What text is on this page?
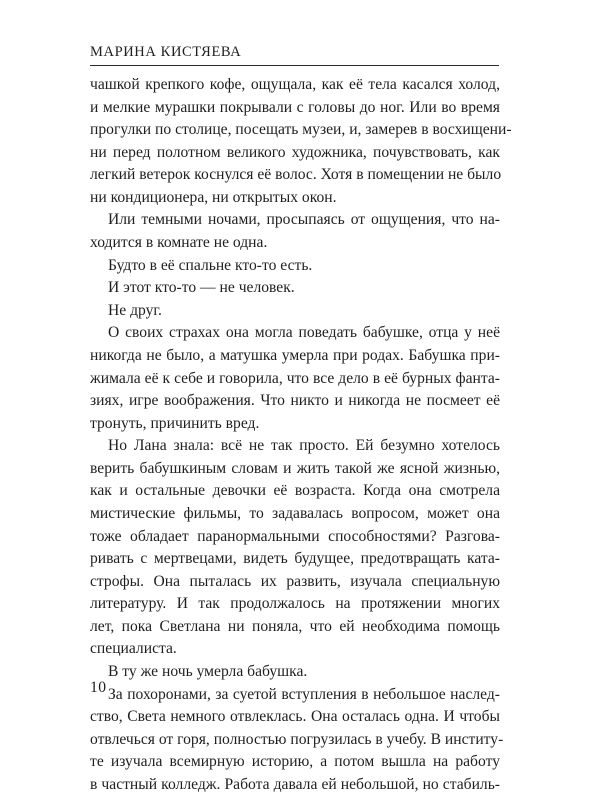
МАРИНА КИСТЯЕВА
чашкой крепкого кофе, ощущала, как её тела касался холод,
и мелкие мурашки покрывали с головы до ног. Или во время
прогулки по столице, посещать музеи, и, замерев в восхищени-
ни перед полотном великого художника, почувствовать, как
легкий ветерок коснулся её волос. Хотя в помещении не было
ни кондиционера, ни открытых окон.
Или темными ночами, просыпаясь от ощущения, что на-
ходится в комнате не одна.
Будто в её спальне кто-то есть.
И этот кто-то — не человек.
Не друг.
О своих страхах она могла поведать бабушке, отца у неё
никогда не было, а матушка умерла при родах. Бабушка при-
жимала её к себе и говорила, что все дело в её бурных фанта-
зиях, игре воображения. Что никто и никогда не посмеет её
тронуть, причинить вред.
Но Лана знала: всё не так просто. Ей безумно хотелось
верить бабушкиным словам и жить такой же ясной жизнью,
как и остальные девочки её возраста. Когда она смотрела
мистические фильмы, то задавалась вопросом, может она
тоже обладает паранормальными способностями? Разгова-
ривать с мертвецами, видеть будущее, предотвращать ката-
строфы. Она пыталась их развить, изучала специальную
литературу. И так продолжалось на протяжении многих
лет, пока Светлана ни поняла, что ей необходима помощь
специалиста.
В ту же ночь умерла бабушка.
За похоронами, за суетой вступления в небольшое наслед-
ство, Света немного отвлеклась. Она осталась одна. И чтобы
отвлечься от горя, полностью погрузилась в учебу. В институ-
те изучала всемирную историю, а потом вышла на работу
в частный колледж. Работа давала ей небольшой, но стабиль-
10
